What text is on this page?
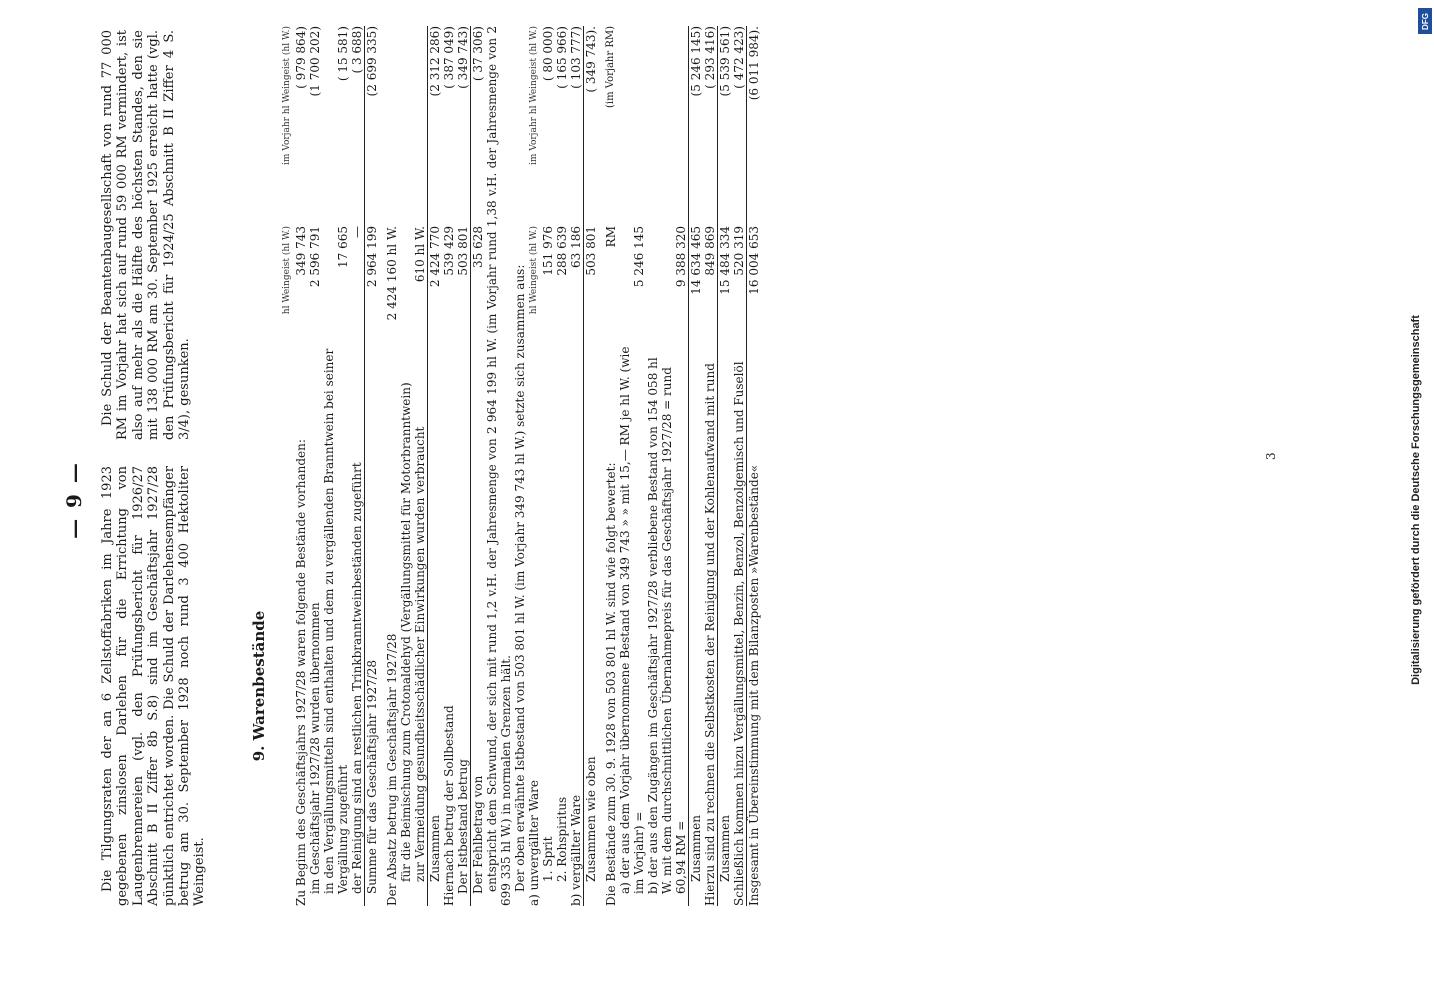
— 9 — Die Tilgungsraten der an 6 Zellstoffabriken im Jahre 1923 gegebenen zinslosen Darlehen für die Errichtung von Laugenbrennereien (vgl. den Prüfungsbericht für 1926/27 Abschnitt B II Ziffer 8b S.8) sind im Geschäftsjahr 1927/28 pünktlich entrichtet worden. Die Schuld der Darlehensempfänger betrug am 30. September 1928 noch rund 3 400 Hektoliter Weingeist.

Die Schuld der Beamtenbaugesellschaft von rund 77 000 RM im Vorjahr hat sich auf rund 59 000 RM vermindert, ist also auf mehr als die Hälfte des höchsten Standes, den sie mit 138 000 RM am 30. September 1925 erreicht hatte (vgl. den Prüfungsbericht für 1924/25 Abschnitt B II Ziffer 4 S. 3/4), gesunken.

9. Warenbestände
hl Weingeist (hl W.)
im Vorjahr hl Weingeist (hl W.)
Zu Beginn des Geschäftsjahrs 1927/28 waren folgende Bestände vorhanden:
349 743
( 979 864)
im Geschäftsjahr 1927/28 wurden übernommen
2 596 791
(1 700 202)
in den Vergällungsmitteln sind enthalten und dem zu vergällenden Branntwein bei seiner Vergällung zugeführt
17 665
( 15 581)
der Reinigung sind an restlichen Trinkbranntweinbeständen zugeführt
—
( 3 688)
Summe für das Geschäftsjahr 1927/28
2 964 199
(2 699 335)
Der Absatz betrug im Geschäftsjahr 1927/28
2 424 160 hl W.
für die Beimischung zum Crotonaldehyd (Vergällungsmittel für Motorbranntwein) zur Vermeidung gesundheitsschädlicher Einwirkungen wurden verbraucht
610 hl W.
Zusammen
2 424 770
(2 312 286)
Hiernach betrug der Sollbestand
539 429
( 387 049)
Der Istbestand betrug
503 801
( 349 743)
Der Fehlbetrag von
35 628
( 37 306) entspricht dem Schwund, der sich mit rund 1,2 v.H. der Jahresmenge von 2 964 199 hl W. (im Vorjahr rund 1,38 v.H. der Jahresmenge von 2 699 335 hl W.) in normalen Grenzen hält. Der oben erwähnte Istbestand von 503 801 hl W. (im Vorjahr 349 743 hl W.) setzte sich zusammen aus: a) unvergällter Ware
hl Weingeist (hl W.)
im Vorjahr hl Weingeist (hl W.)
1. Sprit
151 976
( 80 000)
2. Rohspiritus
288 639
( 165 966)
b) vergällter Ware
63 186
( 103 777)
Zusammen wie oben
503 801
( 349 743).
Die Bestände zum 30. 9. 1928 von 503 801 hl W. sind wie folgt bewertet:
RM
(im Vorjahr RM)
a) der aus dem Vorjahr übernommene Bestand von 349 743 » » mit 15,— RM je hl W. (wie im Vorjahr) =
5 246 145
b) der aus den Zugängen im Geschäftsjahr 1927/28 verbliebene Bestand von 154 058 hl W. mit dem durchschnittlichen Übernahmepreis für das Geschäftsjahr 1927/28 = rund 60,94 RM =
9 388 320
Zusammen
14 634 465
(5 246 145)
Hierzu sind zu rechnen die Selbstkosten der Reinigung und der Kohlenaufwand mit rund
849 869
( 293 416)
Zusammen
15 484 334
(5 539 561)
Schließlich kommen hinzu Vergällungsmittel, Benzin, Benzol, Benzolgemisch und Fuselöl
520 319
( 472 423)
Insgesamt in Übereinstimmung mit dem Bilanzposten »Warenbestände«
16 004 653
(6 011 984).
3	Digitalisierung gefördert durch die Deutsche Forschungsgemeinschaft
DFG
